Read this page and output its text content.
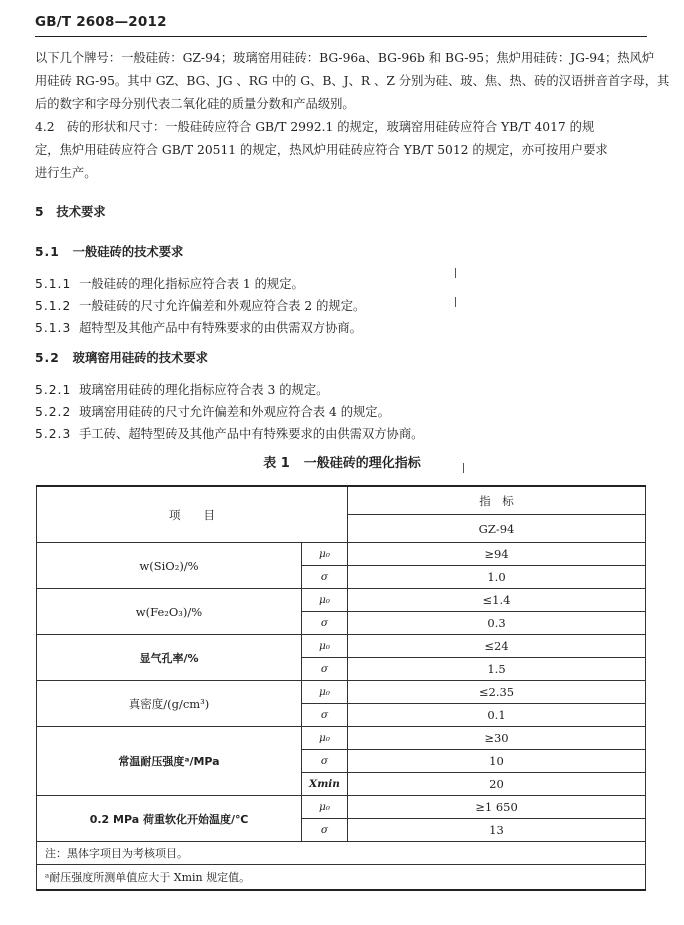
GB/T 2608—2012
以下几个牌号：一般硅砖：GZ-94；玻璃窑用硅砖：BG-96a、BG-96b 和 BG-95；焦炉用硅砖：JG-94；热风炉
用硅砖 RG-95。其中 GZ、BG、JG 、RG 中的 G、B、J、R 、Z 分别为硅、玻、焦、热、砖的汉语拼音首字母，其
后的数字和字母分别代表二氧化硅的质量分数和产品级别。
4.2　砖的形状和尺寸：一般硅砖应符合 GB/T 2992.1 的规定，玻璃窑用硅砖应符合 YB/T 4017 的规
定，焦炉用硅砖应符合 GB/T 20511 的规定，热风炉用硅砖应符合 YB/T 5012 的规定，亦可按用户要求
进行生产。
5 技术要求
5.1 一般硅砖的技术要求
5.1.1 一般硅砖的理化指标应符合表 1 的规定。
5.1.2 一般硅砖的尺寸允许偏差和外观应符合表 2 的规定。
5.1.3 超特型及其他产品中有特殊要求的由供需双方协商。
5.2 玻璃窑用硅砖的技术要求
5.2.1 玻璃窑用硅砖的理化指标应符合表 3 的规定。
5.2.2 玻璃窑用硅砖的尺寸允许偏差和外观应符合表 4 的规定。
5.2.3 手工砖、超特型砖及其他产品中有特殊要求的由供需双方协商。
表 1 一般硅砖的理化指标
项　　目		指　标
		GZ-94
w(SiO₂)/%	μ₀	≥94
	σ	1.0
w(Fe₂O₃)/%	μ₀	≤1.4
	σ	0.3
显气孔率/%	μ₀	≤24
	σ	1.5
真密度/(g/cm³)	μ₀	≤2.35
	σ	0.1
常温耐压强度ᵃ/MPa	μ₀	≥30
	σ	10
	Xmin	20
0.2 MPa 荷重软化开始温度/℃	μ₀	≥1 650
	σ	13
注：黑体字项目为考核项目。		
ᵃ耐压强度所测单值应大于 Xmin 规定值。		
